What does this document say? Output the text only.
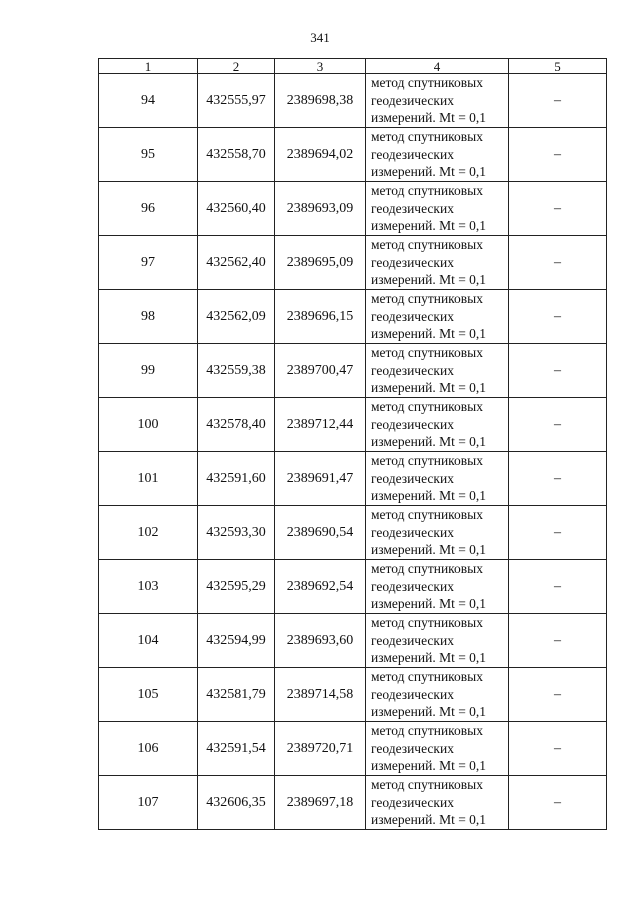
341
1	2	3	4	5
94	432555,97	2389698,38	метод спутниковых
геодезических
измерений. Mt = 0,1	–
95	432558,70	2389694,02	метод спутниковых
геодезических
измерений. Mt = 0,1	–
96	432560,40	2389693,09	метод спутниковых
геодезических
измерений. Mt = 0,1	–
97	432562,40	2389695,09	метод спутниковых
геодезических
измерений. Mt = 0,1	–
98	432562,09	2389696,15	метод спутниковых
геодезических
измерений. Mt = 0,1	–
99	432559,38	2389700,47	метод спутниковых
геодезических
измерений. Mt = 0,1	–
100	432578,40	2389712,44	метод спутниковых
геодезических
измерений. Mt = 0,1	–
101	432591,60	2389691,47	метод спутниковых
геодезических
измерений. Mt = 0,1	–
102	432593,30	2389690,54	метод спутниковых
геодезических
измерений. Mt = 0,1	–
103	432595,29	2389692,54	метод спутниковых
геодезических
измерений. Mt = 0,1	–
104	432594,99	2389693,60	метод спутниковых
геодезических
измерений. Mt = 0,1	–
105	432581,79	2389714,58	метод спутниковых
геодезических
измерений. Mt = 0,1	–
106	432591,54	2389720,71	метод спутниковых
геодезических
измерений. Mt = 0,1	–
107	432606,35	2389697,18	метод спутниковых
геодезических
измерений. Mt = 0,1	–
